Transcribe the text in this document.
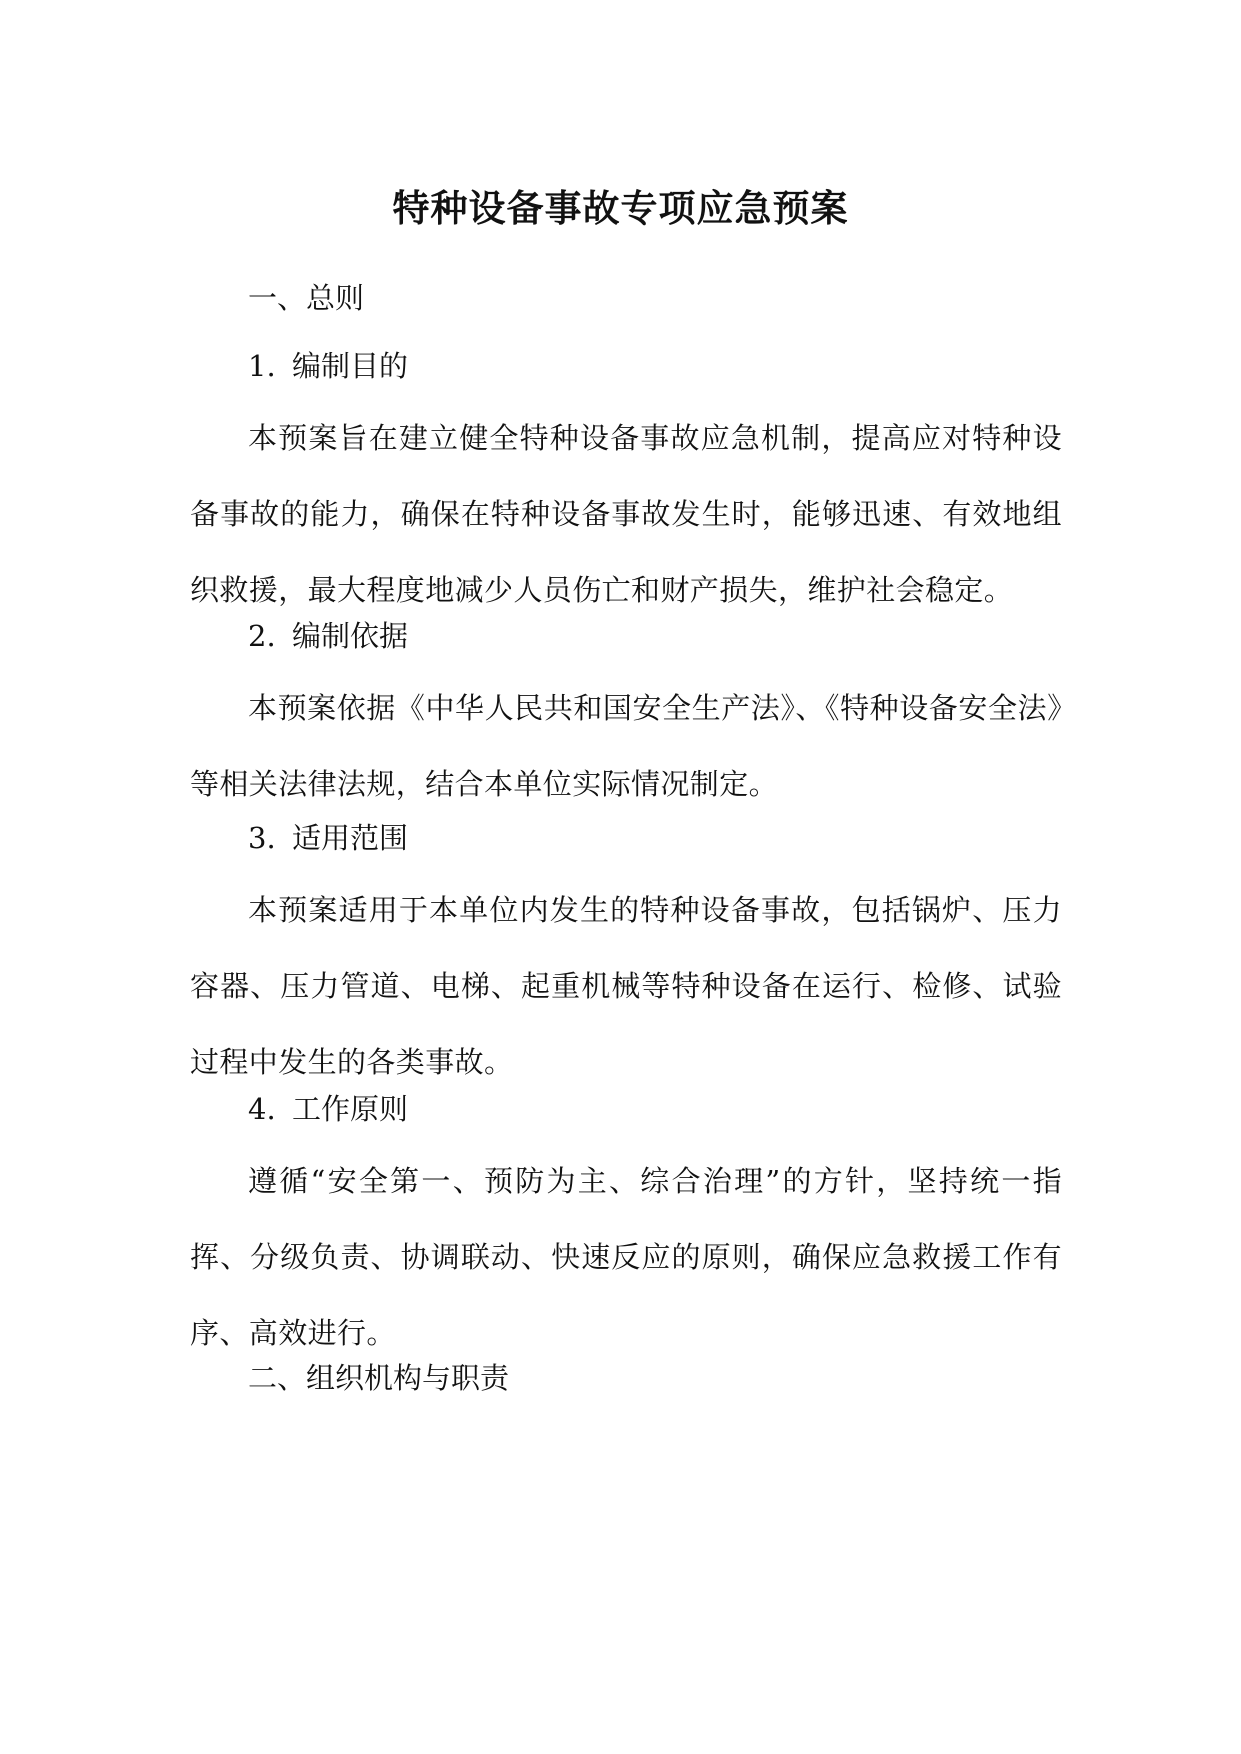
特种设备事故专项应急预案

一、总则

1. 编制目的

本预案旨在建立健全特种设备事故应急机制，提高应对特种设备事故的能力，确保在特种设备事故发生时，能够迅速、有效地组织救援，最大程度地减少人员伤亡和财产损失，维护社会稳定。

2. 编制依据

本预案依据《中华人民共和国安全生产法》、《特种设备安全法》等相关法律法规，结合本单位实际情况制定。

3. 适用范围

本预案适用于本单位内发生的特种设备事故，包括锅炉、压力容器、压力管道、电梯、起重机械等特种设备在运行、检修、试验过程中发生的各类事故。

4. 工作原则

遵循“安全第一、预防为主、综合治理”的方针，坚持统一指挥、分级负责、协调联动、快速反应的原则，确保应急救援工作有序、高效进行。

二、组织机构与职责
